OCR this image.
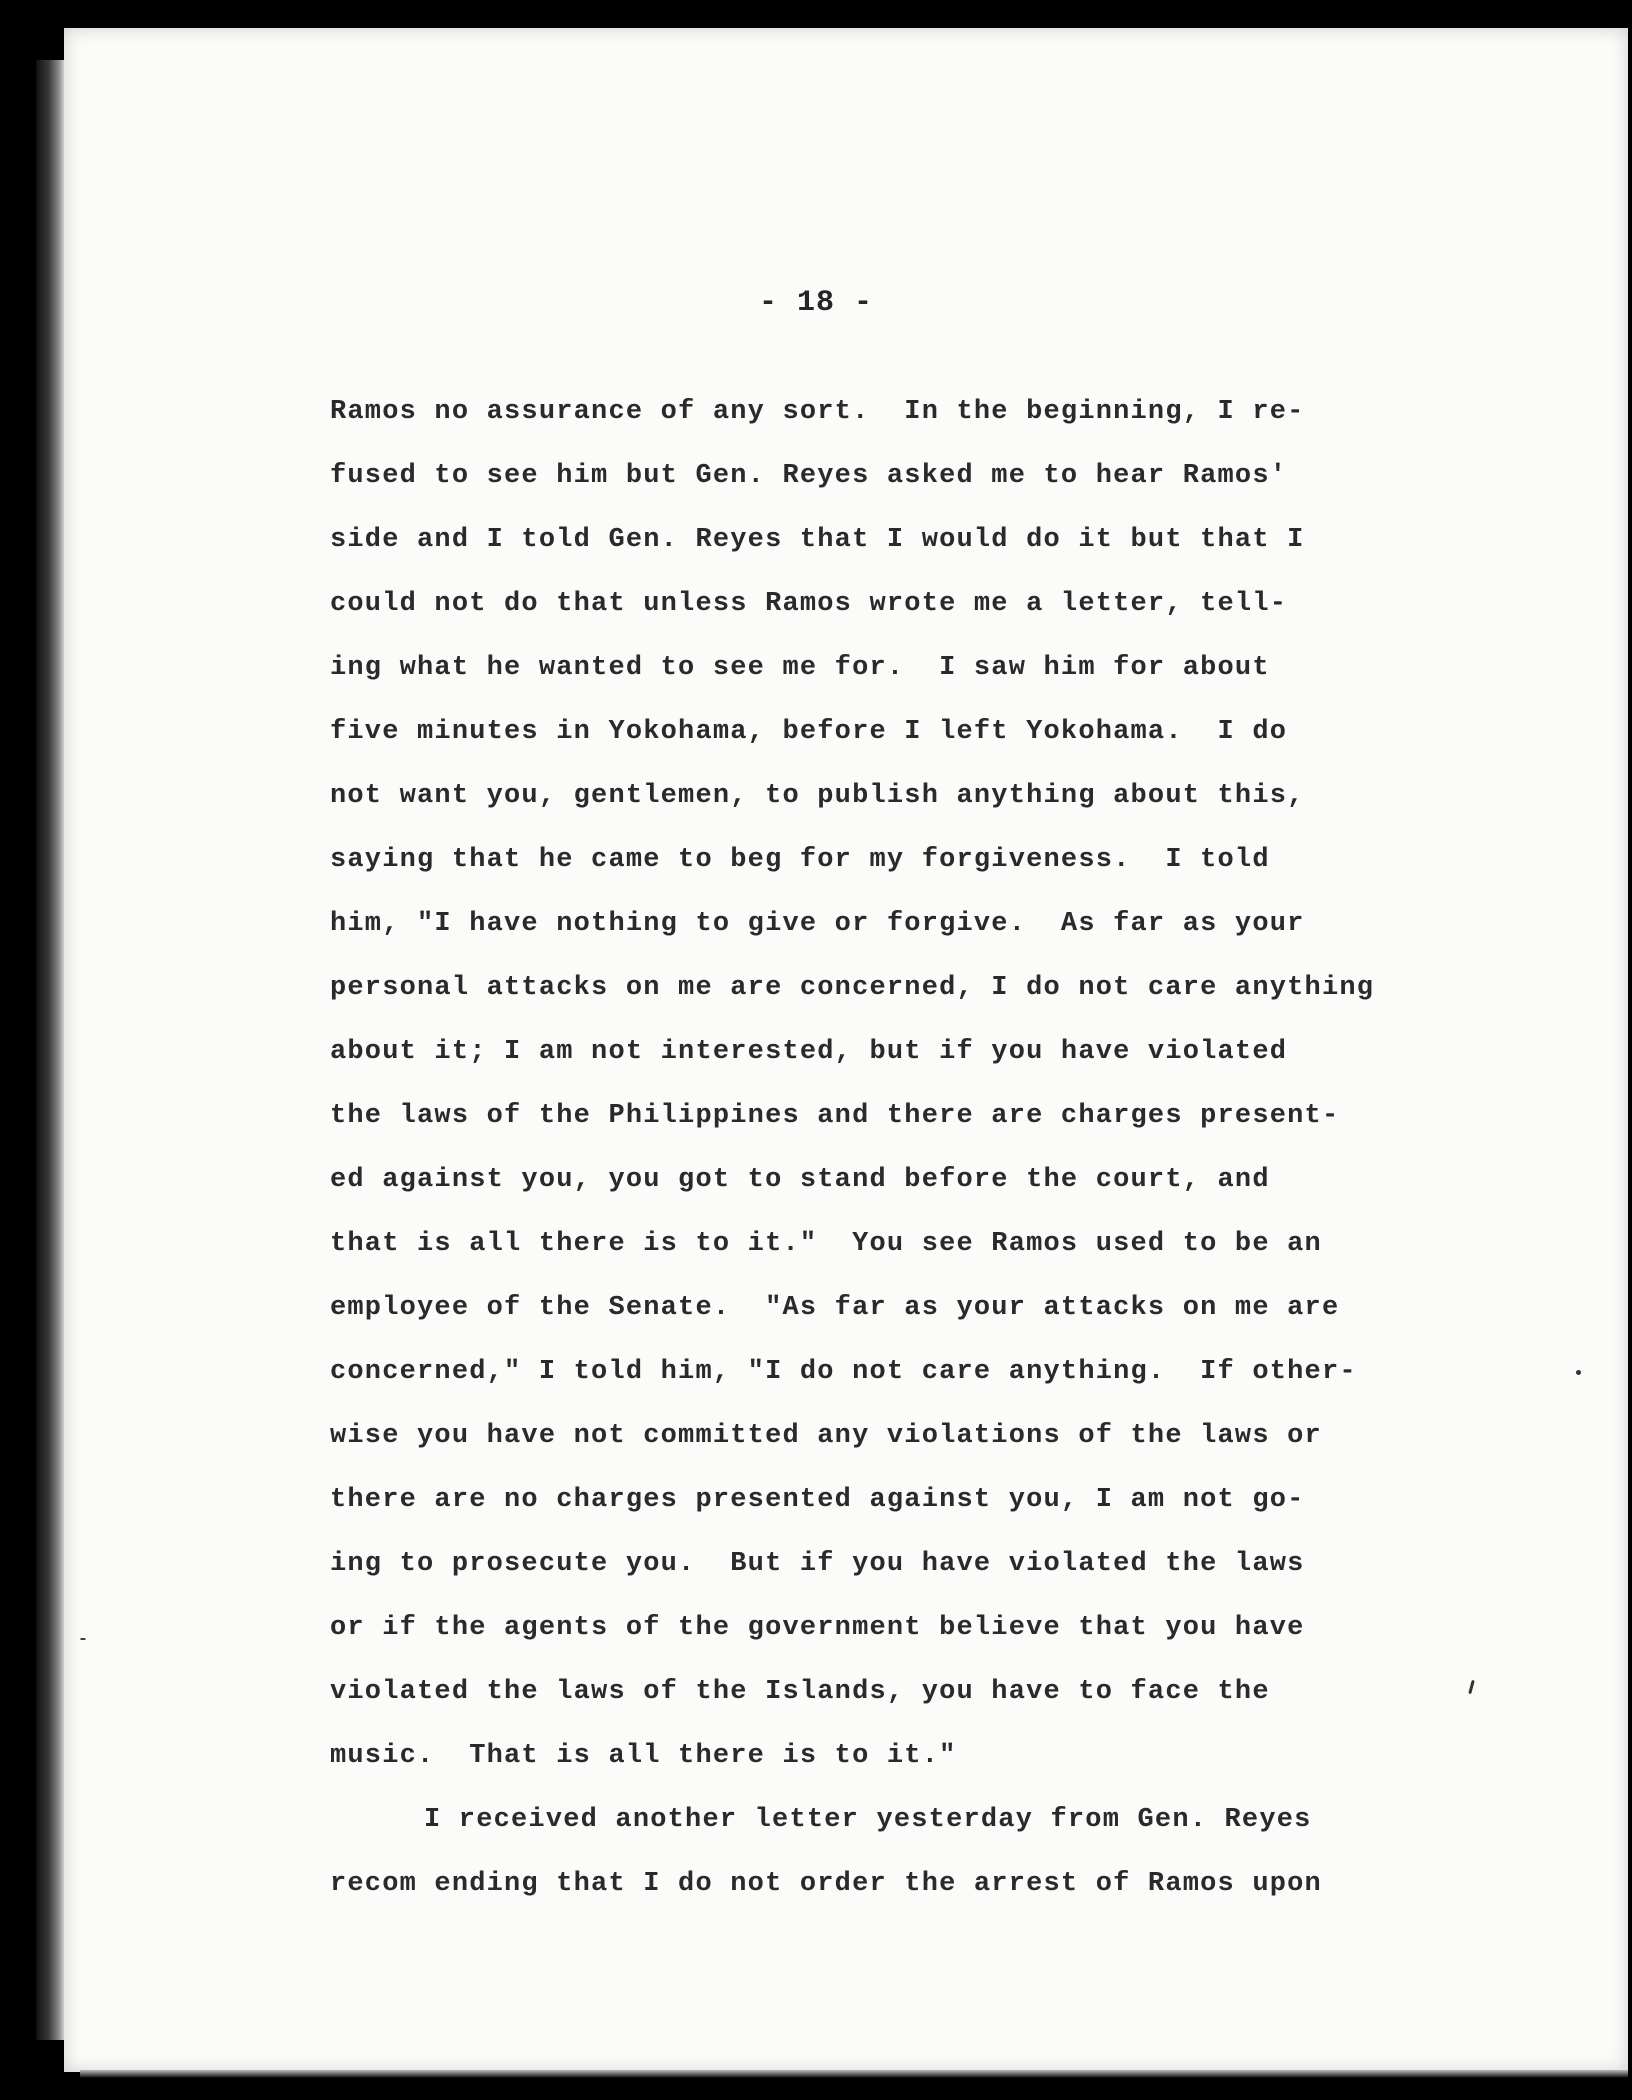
- 18 -
Ramos no assurance of any sort.  In the beginning, I re-
fused to see him but Gen. Reyes asked me to hear Ramos'
side and I told Gen. Reyes that I would do it but that I
could not do that unless Ramos wrote me a letter, tell-
ing what he wanted to see me for.  I saw him for about
five minutes in Yokohama, before I left Yokohama.  I do
not want you, gentlemen, to publish anything about this,
saying that he came to beg for my forgiveness.  I told
him, "I have nothing to give or forgive.  As far as your
personal attacks on me are concerned, I do not care anything
about it; I am not interested, but if you have violated
the laws of the Philippines and there are charges present-
ed against you, you got to stand before the court, and
that is all there is to it."  You see Ramos used to be an
employee of the Senate.  "As far as your attacks on me are
concerned," I told him, "I do not care anything.  If other-
wise you have not committed any violations of the laws or
there are no charges presented against you, I am not go-
ing to prosecute you.  But if you have violated the laws
or if the agents of the government believe that you have
violated the laws of the Islands, you have to face the
music.  That is all there is to it."
I received another letter yesterday from Gen. Reyes
recom ending that I do not order the arrest of Ramos upon
